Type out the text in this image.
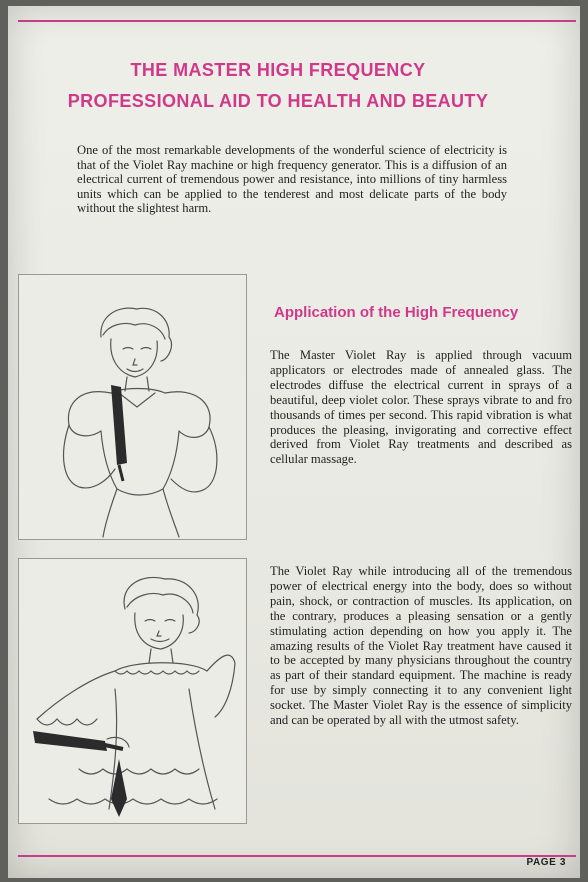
THE MASTER HIGH FREQUENCY
PROFESSIONAL AID TO HEALTH AND BEAUTY

One of the most remarkable developments of the wonderful science of electricity is that of the Violet Ray machine or high frequency generator. This is a diffusion of an electrical current of tremendous power and resistance, into millions of tiny harmless units which can be applied to the tenderest and most delicate parts of the body without the slightest harm.

Application of the High Frequency

The Master Violet Ray is applied through vacuum applicators or electrodes made of annealed glass. The electrodes diffuse the electrical current in sprays of a beautiful, deep violet color. These sprays vibrate to and fro thousands of times per second. This rapid vibration is what produces the pleasing, invigorating and corrective effect derived from Violet Ray treatments and described as cellular massage.

The Violet Ray while introducing all of the tremendous power of electrical energy into the body, does so without pain, shock, or contraction of muscles. Its application, on the contrary, produces a pleasing sensation or a gently stimulating action depending on how you apply it. The amazing results of the Violet Ray treatment have caused it to be accepted by many physicians throughout the country as part of their standard equipment. The machine is ready for use by simply connecting it to any convenient light socket. The Master Violet Ray is the essence of simplicity and can be operated by all with the utmost safety.

PAGE 3
